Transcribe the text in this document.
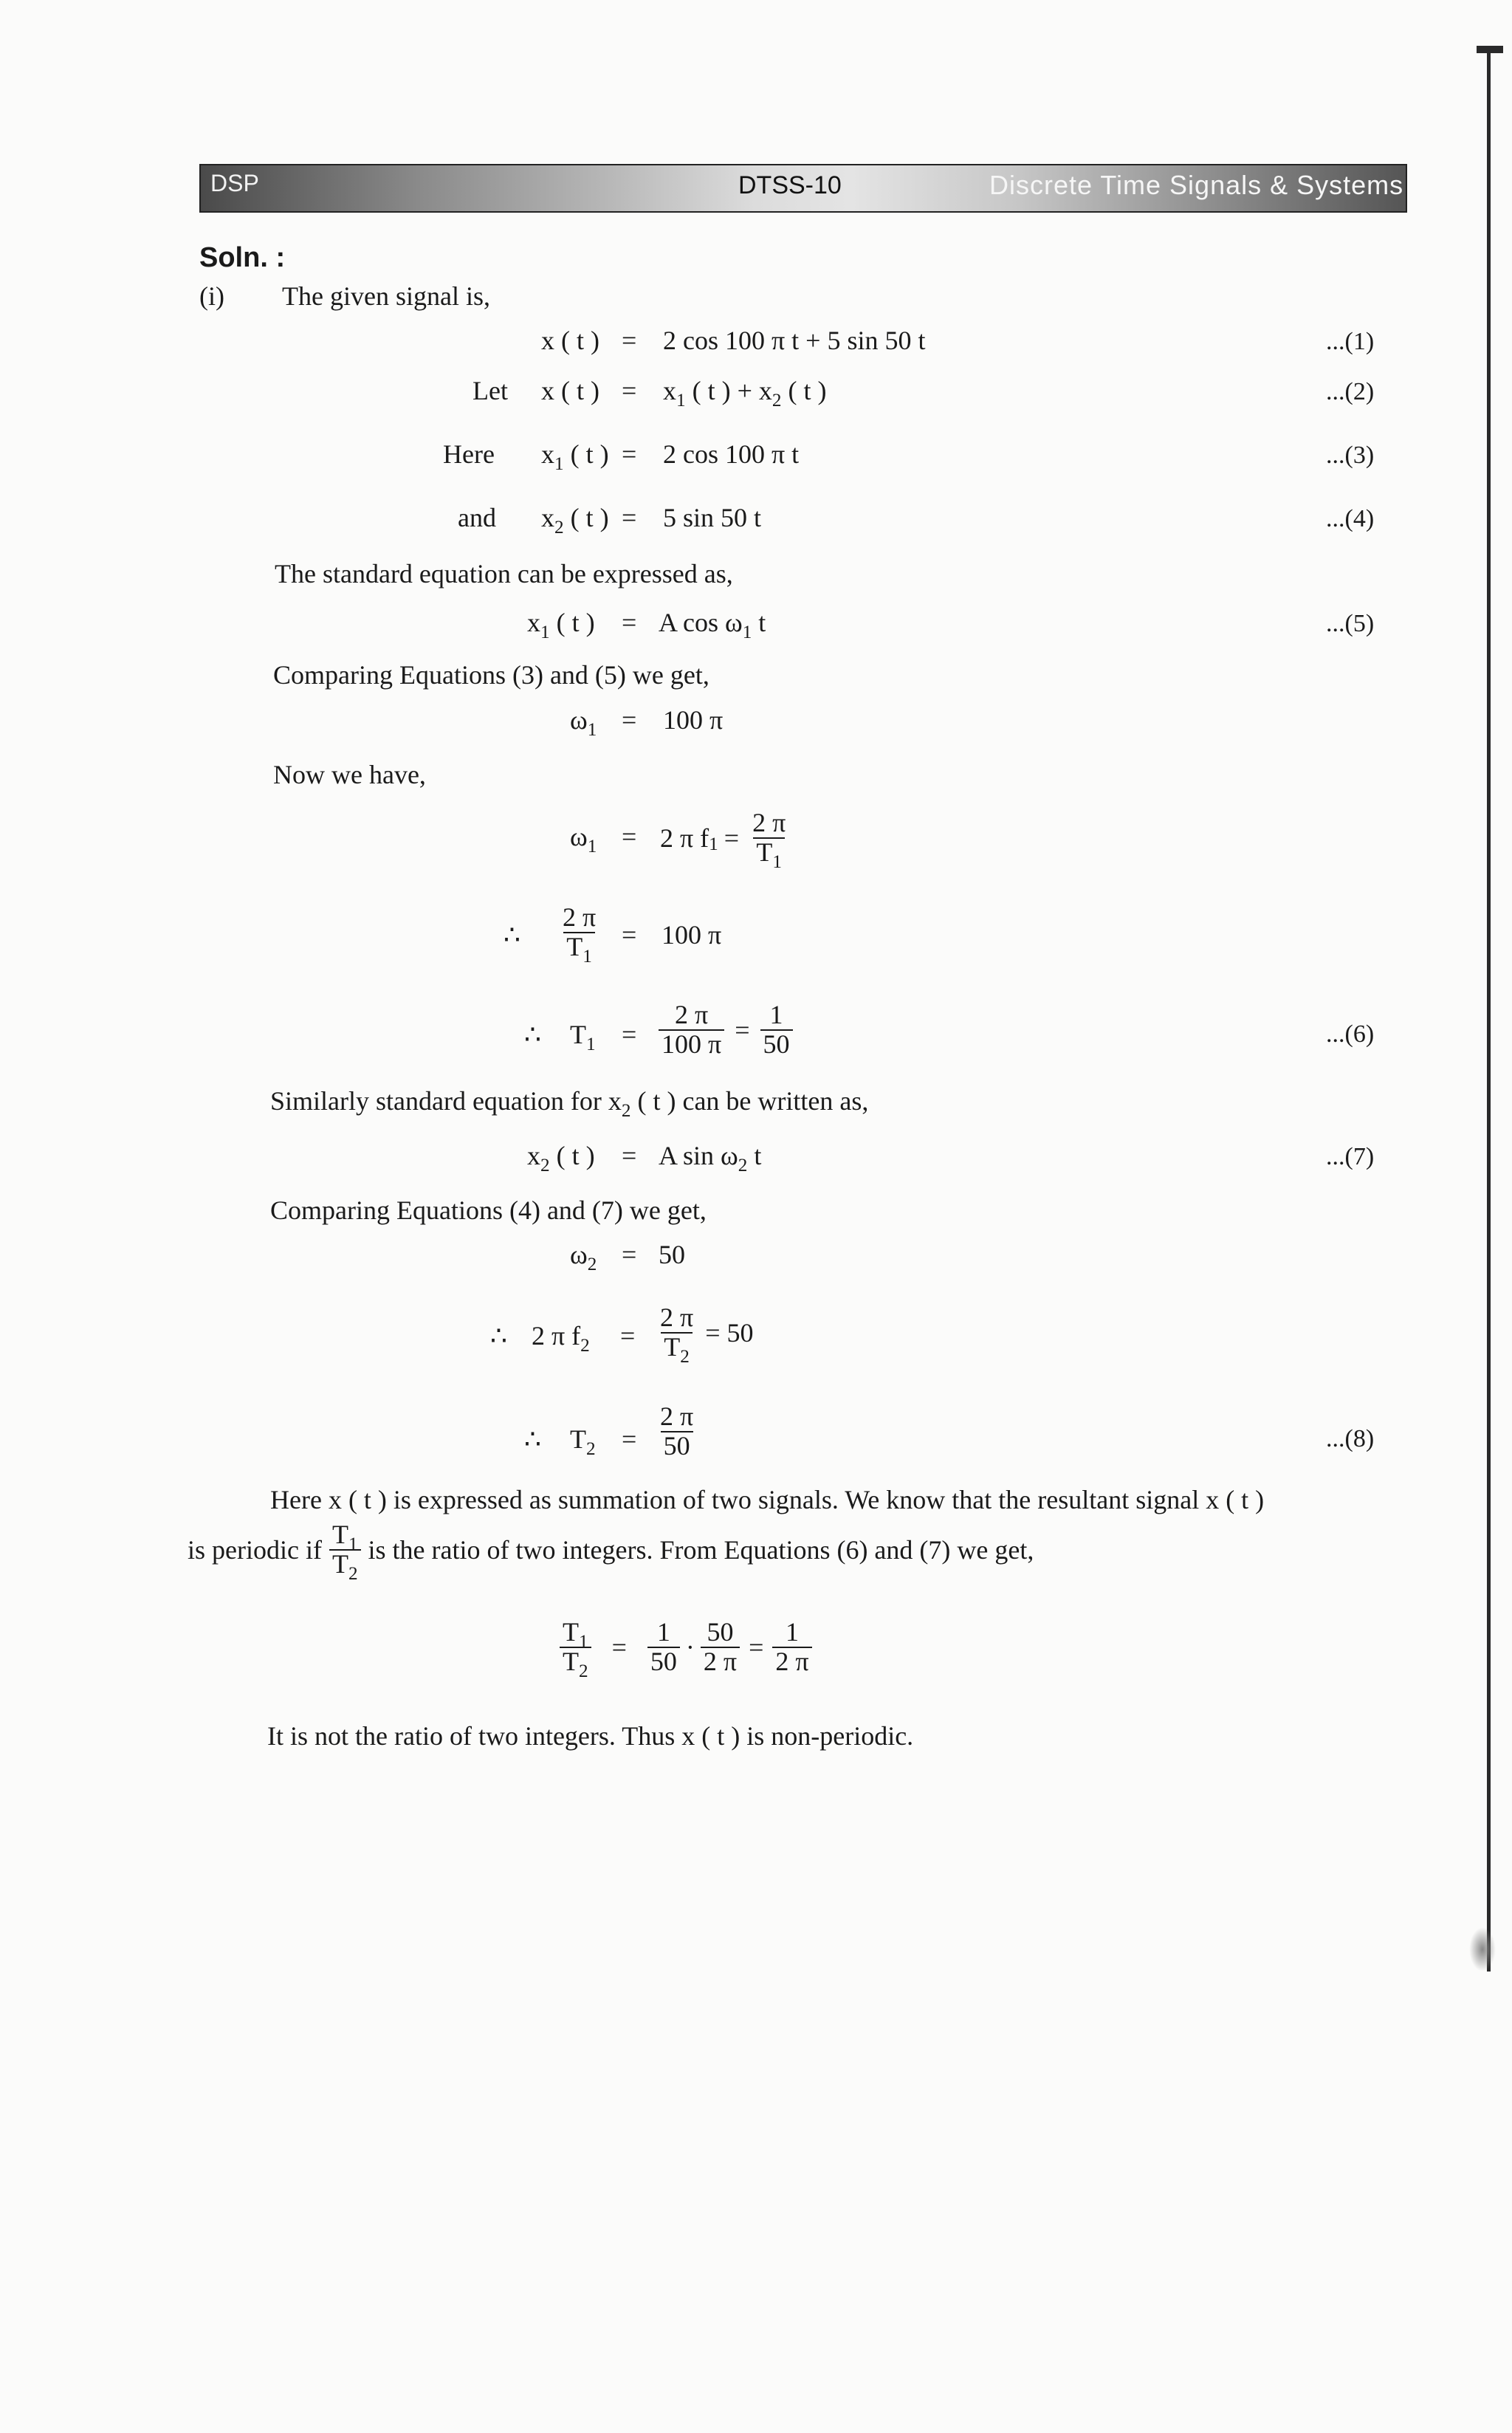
DSP	DTSS-10	Discrete Time Signals & Systems
Soln. :
(i) The given signal is,
x ( t ) = 2 cos 100 π t + 5 sin 50 t	...(1)
Let x ( t ) = $x_1$ ( t ) + $x_2$ ( t )	...(2)
Here $x_1$ ( t ) = 2 cos 100 π t	...(3)
and $x_2$ ( t ) = 5 sin 50 t	...(4)
The standard equation can be expressed as,
$x_1$ ( t ) = A $\cos \omega_1$ t	...(5)
Comparing Equations (3) and (5) we get,
$\omega_1 = 100$ π
Now we have,
$\omega_1 = 2$ π f $1 = \frac{2 \pi}{T_1}$
∴ $\frac{2 \pi}{T_1} = 100$ π
∴ $T_1 = \frac{2 \pi}{100 \pi} = \frac{1}{50}$	...(6)
Similarly standard equation for $x_2$ ( t ) can be written as,
$x_2$ ( t ) = A $\sin \omega_2$ t	...(7)
Comparing Equations (4) and (7) we get,
$\omega_2 = 50$
∴ 2 π $f_2 = \frac{2 \pi}{T_2} = 50$
∴ $T_2 = \frac{2 \pi}{50}$	...(8)
Here x ( t ) is expressed as summation of two signals. We know that the resultant signal x ( t )
is periodic if $\frac{T_1}{T_2}$ is the ratio of two integers. From Equations (6) and (7) we get,
$\frac{T_1}{T_2} = \frac{1}{50} \cdot \frac{50}{2 \pi} = \frac{1}{2 \pi}$
It is not the ratio of two integers. Thus x ( t ) is non-periodic.
